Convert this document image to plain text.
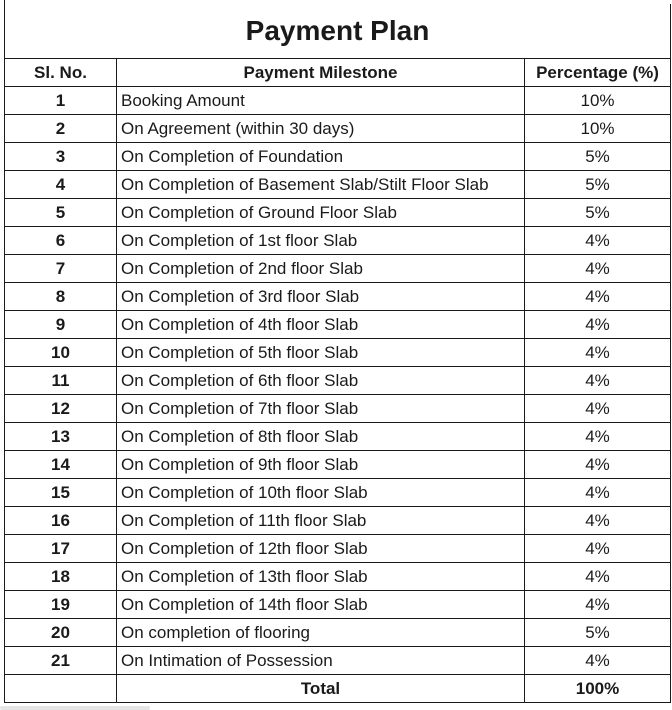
Payment Plan		
Sl. No.	Payment Milestone	Percentage (%)
1	Booking Amount	10%
2	On Agreement (within 30 days)	10%
3	On Completion of Foundation	5%
4	On Completion of Basement Slab/Stilt Floor Slab	5%
5	On Completion of Ground Floor Slab	5%
6	On Completion of 1st floor Slab	4%
7	On Completion of 2nd floor Slab	4%
8	On Completion of 3rd floor Slab	4%
9	On Completion of 4th floor Slab	4%
10	On Completion of 5th floor Slab	4%
11	On Completion of 6th floor Slab	4%
12	On Completion of 7th floor Slab	4%
13	On Completion of 8th floor Slab	4%
14	On Completion of 9th floor Slab	4%
15	On Completion of 10th floor Slab	4%
16	On Completion of 11th floor Slab	4%
17	On Completion of 12th floor Slab	4%
18	On Completion of 13th floor Slab	4%
19	On Completion of 14th floor Slab	4%
20	On completion of flooring	5%
21	On Intimation of Possession	4%
	Total	100%
